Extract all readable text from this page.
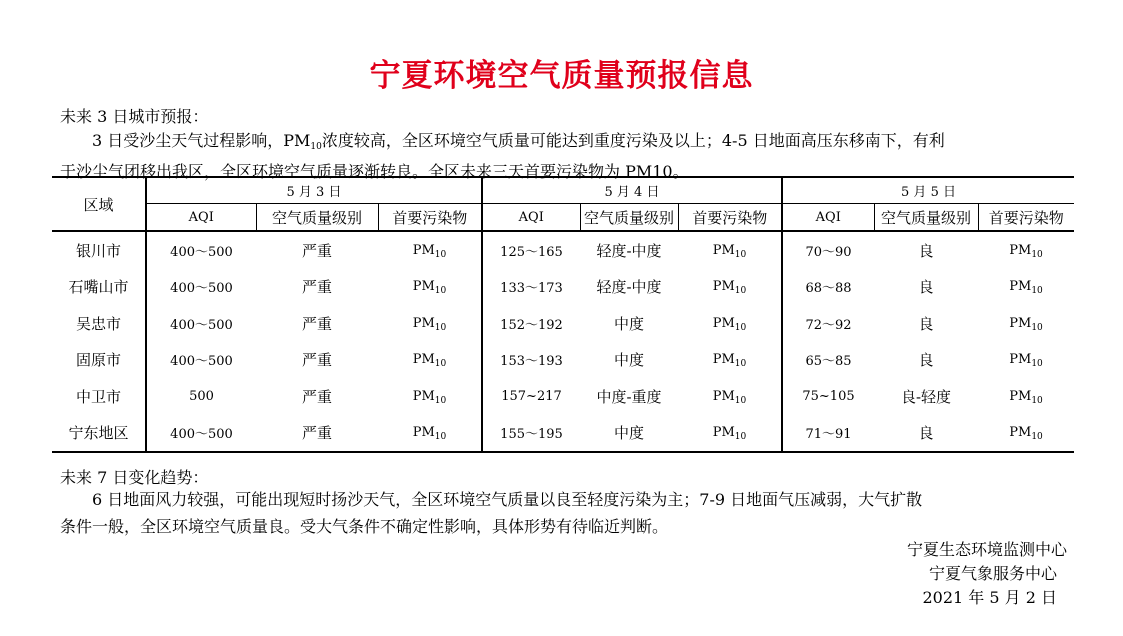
宁夏环境空气质量预报信息
未来 3 日城市预报：
3 日受沙尘天气过程影响，$PM_{10}$浓度较高，全区环境空气质量可能达到重度污染及以上；4-5 日地面高压东移南下，有利
于沙尘气团移出我区，全区环境空气质量逐渐转良。全区未来三天首要污染物为 PM10。
区域	5 月 3 日			5 月 4 日			5 月 5 日		
	AQI	空气质量级别	首要污染物	AQI	空气质量级别	首要污染物	AQI	空气质量级别	首要污染物
银川市	400～500	严重	$PM_{10}$	125～165	轻度-中度	$PM_{10}$	70～90	良	$PM_{10}$
石嘴山市	400～500	严重	$PM_{10}$	133～173	轻度-中度	$PM_{10}$	68～88	良	$PM_{10}$
吴忠市	400～500	严重	$PM_{10}$	152～192	中度	$PM_{10}$	72～92	良	$PM_{10}$
固原市	400～500	严重	$PM_{10}$	153～193	中度	$PM_{10}$	65～85	良	$PM_{10}$
中卫市	500	严重	$PM_{10}$	157~217	中度-重度	$PM_{10}$	75~105	良-轻度	$PM_{10}$
宁东地区	400～500	严重	$PM_{10}$	155～195	中度	$PM_{10}$	71～91	良	$PM_{10}$
未来 7 日变化趋势：
6 日地面风力较强，可能出现短时扬沙天气，全区环境空气质量以良至轻度污染为主；7-9 日地面气压减弱，大气扩散
条件一般，全区环境空气质量良。受大气条件不确定性影响，具体形势有待临近判断。
宁夏生态环境监测中心
宁夏气象服务中心
2021 年 5 月 2 日
